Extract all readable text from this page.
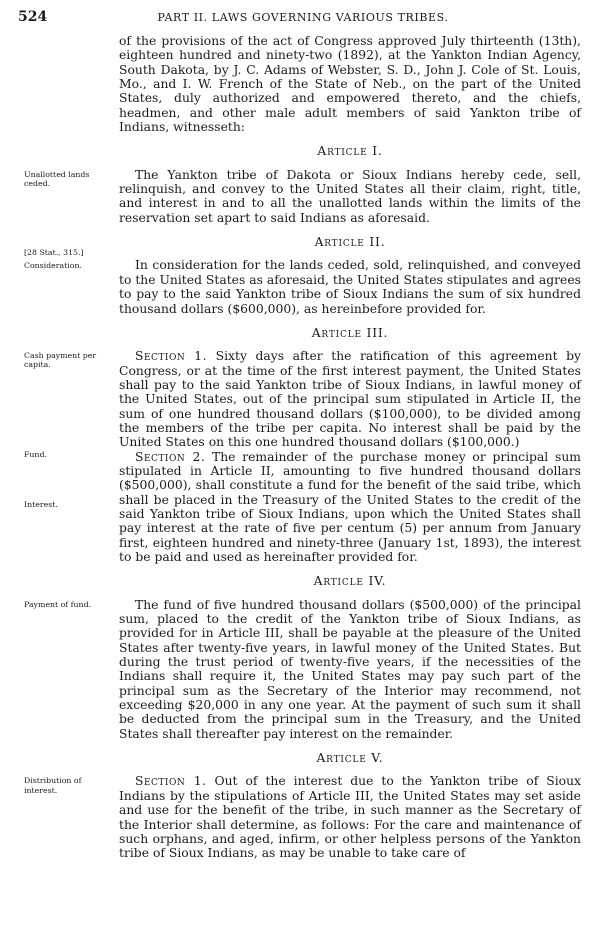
524	PART II. LAWS GOVERNING VARIOUS TRIBES.

of the provisions of the act of Congress approved July thirteenth (13th), eighteen hundred and ninety-two (1892), at the Yankton Indian Agency, South Dakota, by J. C. Adams of Webster, S. D., John J. Cole of St. Louis, Mo., and I. W. French of the State of Neb., on the part of the United States, duly authorized and empowered thereto, and the chiefs, headmen, and other male adult members of said Yankton tribe of Indians, witnesseth:

Article I.
Unallotted lands ceded.

The Yankton tribe of Dakota or Sioux Indians hereby cede, sell, relinquish, and convey to the United States all their claim, right, title, and interest in and to all the unallotted lands within the limits of the reservation set apart to said Indians as aforesaid.

[28 Stat., 315.]
Article II.
Consideration.	In consideration for the lands ceded, sold, relinquished, and conveyed to the United States as aforesaid, the United States stipulates and agrees to pay to the said Yankton tribe of Sioux Indians the sum of six hundred thousand dollars ($600,000), as hereinbefore provided for.

Article III.
Cash payment per capita.

Section 1. Sixty days after the ratification of this agreement by Congress, or at the time of the first interest payment, the United States shall pay to the said Yankton tribe of Sioux Indians, in lawful money of the United States, out of the principal sum stipulated in Article II, the sum of one hundred thousand dollars ($100,000), to be divided among the members of the tribe per capita. No interest shall be paid by the United States on this one hundred thousand dollars ($100,000.)

Fund.
Interest.

Section 2. The remainder of the purchase money or principal sum stipulated in Article II, amounting to five hundred thousand dollars ($500,000), shall constitute a fund for the benefit of the said tribe, which shall be placed in the Treasury of the United States to the credit of the said Yankton tribe of Sioux Indians, upon which the United States shall pay interest at the rate of five per centum (5) per annum from January first, eighteen hundred and ninety-three (January 1st, 1893), the interest to be paid and used as hereinafter provided for.

Article IV.
Payment of fund.	The fund of five hundred thousand dollars ($500,000) of the principal sum, placed to the credit of the Yankton tribe of Sioux Indians, as provided for in Article III, shall be payable at the pleasure of the United States after twenty-five years, in lawful money of the United States. But during the trust period of twenty-five years, if the necessities of the Indians shall require it, the United States may pay such part of the principal sum as the Secretary of the Interior may recommend, not exceeding $20,000 in any one year. At the payment of such sum it shall be deducted from the principal sum in the Treasury, and the United States shall thereafter pay interest on the remainder.

Article V.
Distribution of interest.

Section 1. Out of the interest due to the Yankton tribe of Sioux Indians by the stipulations of Article III, the United States may set aside and use for the benefit of the tribe, in such manner as the Secretary of the Interior shall determine, as follows: For the care and maintenance of such orphans, and aged, infirm, or other helpless persons of the Yankton tribe of Sioux Indians, as may be unable to take care of
